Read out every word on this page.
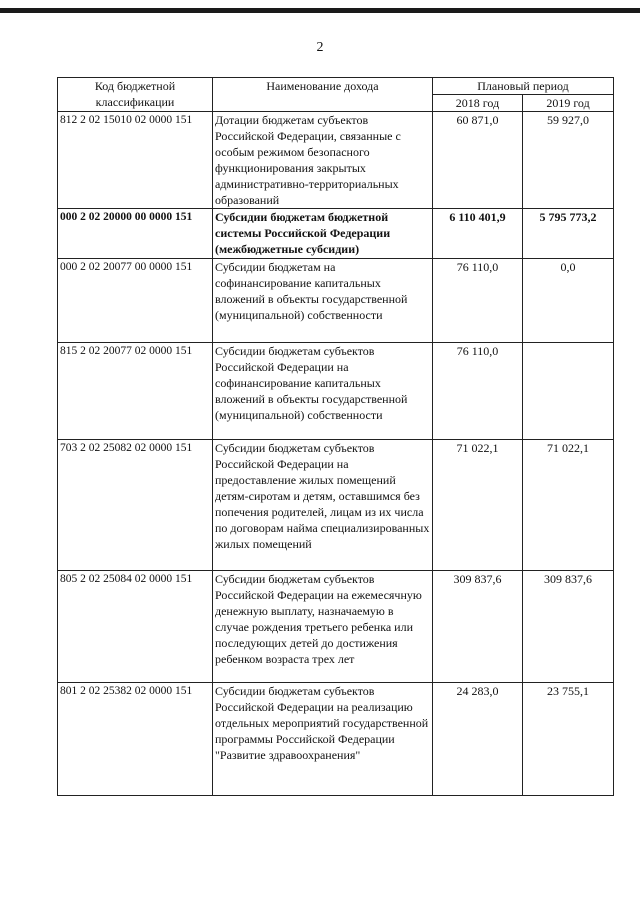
2
Код бюджетной классификации	Наименование дохода	Плановый период	
		2018 год	2019 год
812 2 02 15010 02 0000 151	Дотации бюджетам субъектов Российской Федерации, связанные с особым режимом безопасного функционирования закрытых административно-территориальных образований	60 871,0	59 927,0
000 2 02 20000 00 0000 151	Субсидии бюджетам бюджетной системы Российской Федерации (межбюджетные субсидии)	6 110 401,9	5 795 773,2
000 2 02 20077 00 0000 151	Субсидии бюджетам на софинансирование капитальных вложений в объекты государственной (муниципальной) собственности	76 110,0	0,0
815 2 02 20077 02 0000 151	Субсидии бюджетам субъектов Российской Федерации на софинансирование капитальных вложений в объекты государственной (муниципальной) собственности	76 110,0	
703 2 02 25082 02 0000 151	Субсидии бюджетам субъектов Российской Федерации на предоставление жилых помещений детям-сиротам и детям, оставшимся без попечения родителей, лицам из их числа по договорам найма специализированных жилых помещений	71 022,1	71 022,1
805 2 02 25084 02 0000 151	Субсидии бюджетам субъектов Российской Федерации на ежемесячную денежную выплату, назначаемую в случае рождения третьего ребенка или последующих детей до достижения ребенком возраста трех лет	309 837,6	309 837,6
801 2 02 25382 02 0000 151	Субсидии бюджетам субъектов Российской Федерации на реализацию отдельных мероприятий государственной программы Российской Федерации "Развитие здравоохранения"	24 283,0	23 755,1
